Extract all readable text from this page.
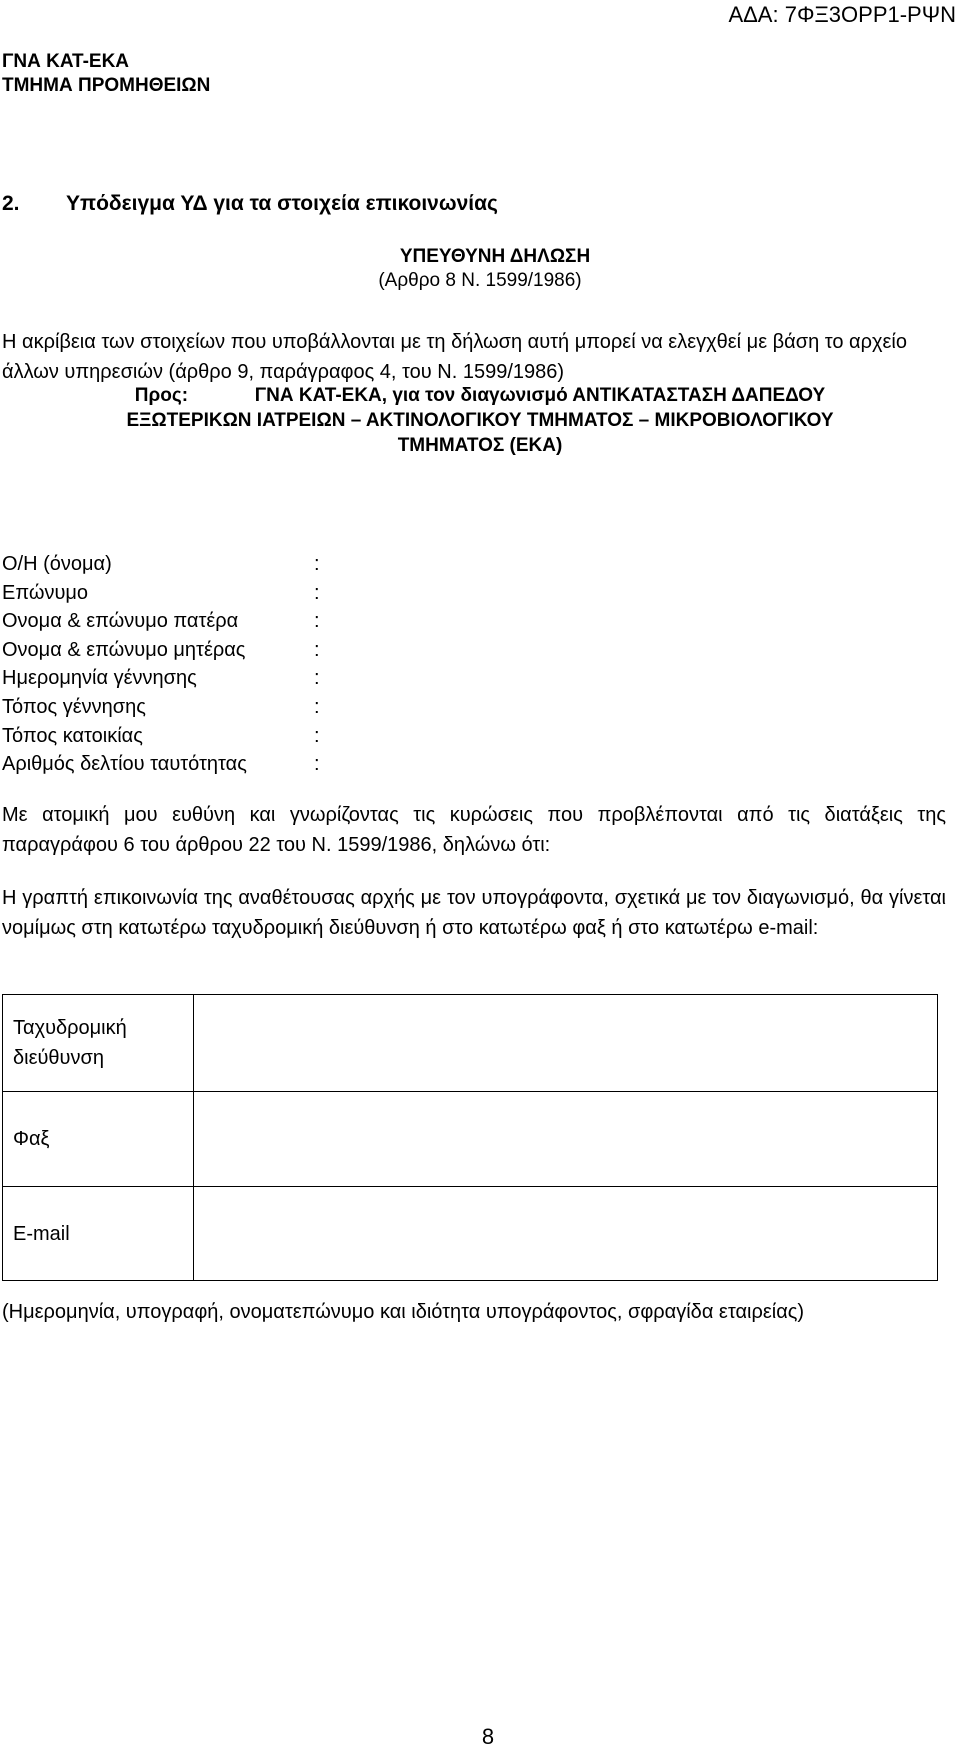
ΑΔΑ: 7ΦΞ3ΟΡΡ1-ΡΨΝ
ΓΝΑ ΚΑΤ-ΕΚΑ
ΤΜΗΜΑ ΠΡΟΜΗΘΕΙΩΝ
2. Υπόδειγμα ΥΔ για τα στοιχεία επικοινωνίας
ΥΠΕΥΘΥΝΗ ΔΗΛΩΣΗ
(Αρθρο 8 Ν. 1599/1986)
Η ακρίβεια των στοιχείων που υποβάλλονται με τη δήλωση αυτή μπορεί να ελεγχθεί με βάση το αρχείο άλλων υπηρεσιών (άρθρο 9, παράγραφος 4, του Ν. 1599/1986)
Προς:	ΓΝΑ ΚΑΤ-ΕΚΑ, για τον διαγωνισμό ΑΝΤΙΚΑΤΑΣΤΑΣΗ ΔΑΠΕΔΟΥ
ΕΞΩΤΕΡΙΚΩΝ ΙΑΤΡΕΙΩΝ – ΑΚΤΙΝΟΛΟΓΙΚΟΥ ΤΜΗΜΑΤΟΣ – ΜΙΚΡΟΒΙΟΛΟΓΙΚΟΥ
ΤΜΗΜΑΤΟΣ (ΕΚΑ)
Ο/Η (όνομα)	:
Επώνυμο	:
Ονομα & επώνυμο πατέρα	:
Ονομα & επώνυμο μητέρας	:
Ημερομηνία γέννησης	:
Τόπος γέννησης	:
Τόπος κατοικίας	:
Αριθμός δελτίου ταυτότητας	:
Με ατομική μου ευθύνη και γνωρίζοντας τις κυρώσεις που προβλέπονται από τις διατάξεις της παραγράφου 6 του άρθρου 22 του Ν. 1599/1986, δηλώνω ότι:
Η γραπτή επικοινωνία της αναθέτουσας αρχής με τον υπογράφοντα, σχετικά με τον διαγωνισμό, θα γίνεται νομίμως στη κατωτέρω ταχυδρομική διεύθυνση ή στο κατωτέρω φαξ ή στο κατωτέρω e-mail:
Ταχυδρομική διεύθυνση	
Φαξ	
E-mail	
(Ημερομηνία, υπογραφή, ονοματεπώνυμο και ιδιότητα υπογράφοντος, σφραγίδα εταιρείας)
8
